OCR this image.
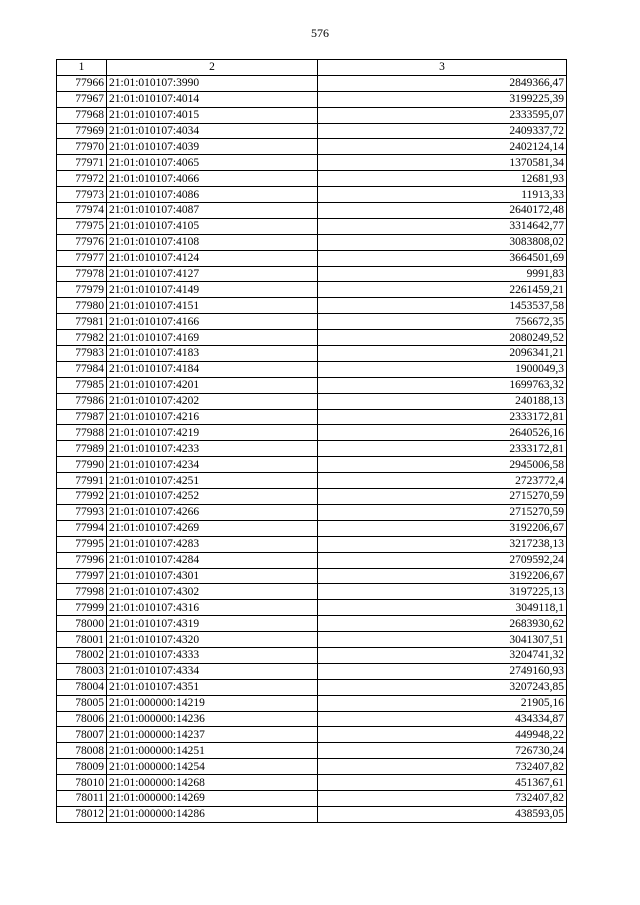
576
1	2	3
77966	21:01:010107:3990	2849366,47
77967	21:01:010107:4014	3199225,39
77968	21:01:010107:4015	2333595,07
77969	21:01:010107:4034	2409337,72
77970	21:01:010107:4039	2402124,14
77971	21:01:010107:4065	1370581,34
77972	21:01:010107:4066	12681,93
77973	21:01:010107:4086	11913,33
77974	21:01:010107:4087	2640172,48
77975	21:01:010107:4105	3314642,77
77976	21:01:010107:4108	3083808,02
77977	21:01:010107:4124	3664501,69
77978	21:01:010107:4127	9991,83
77979	21:01:010107:4149	2261459,21
77980	21:01:010107:4151	1453537,58
77981	21:01:010107:4166	756672,35
77982	21:01:010107:4169	2080249,52
77983	21:01:010107:4183	2096341,21
77984	21:01:010107:4184	1900049,3
77985	21:01:010107:4201	1699763,32
77986	21:01:010107:4202	240188,13
77987	21:01:010107:4216	2333172,81
77988	21:01:010107:4219	2640526,16
77989	21:01:010107:4233	2333172,81
77990	21:01:010107:4234	2945006,58
77991	21:01:010107:4251	2723772,4
77992	21:01:010107:4252	2715270,59
77993	21:01:010107:4266	2715270,59
77994	21:01:010107:4269	3192206,67
77995	21:01:010107:4283	3217238,13
77996	21:01:010107:4284	2709592,24
77997	21:01:010107:4301	3192206,67
77998	21:01:010107:4302	3197225,13
77999	21:01:010107:4316	3049118,1
78000	21:01:010107:4319	2683930,62
78001	21:01:010107:4320	3041307,51
78002	21:01:010107:4333	3204741,32
78003	21:01:010107:4334	2749160,93
78004	21:01:010107:4351	3207243,85
78005	21:01:000000:14219	21905,16
78006	21:01:000000:14236	434334,87
78007	21:01:000000:14237	449948,22
78008	21:01:000000:14251	726730,24
78009	21:01:000000:14254	732407,82
78010	21:01:000000:14268	451367,61
78011	21:01:000000:14269	732407,82
78012	21:01:000000:14286	438593,05
